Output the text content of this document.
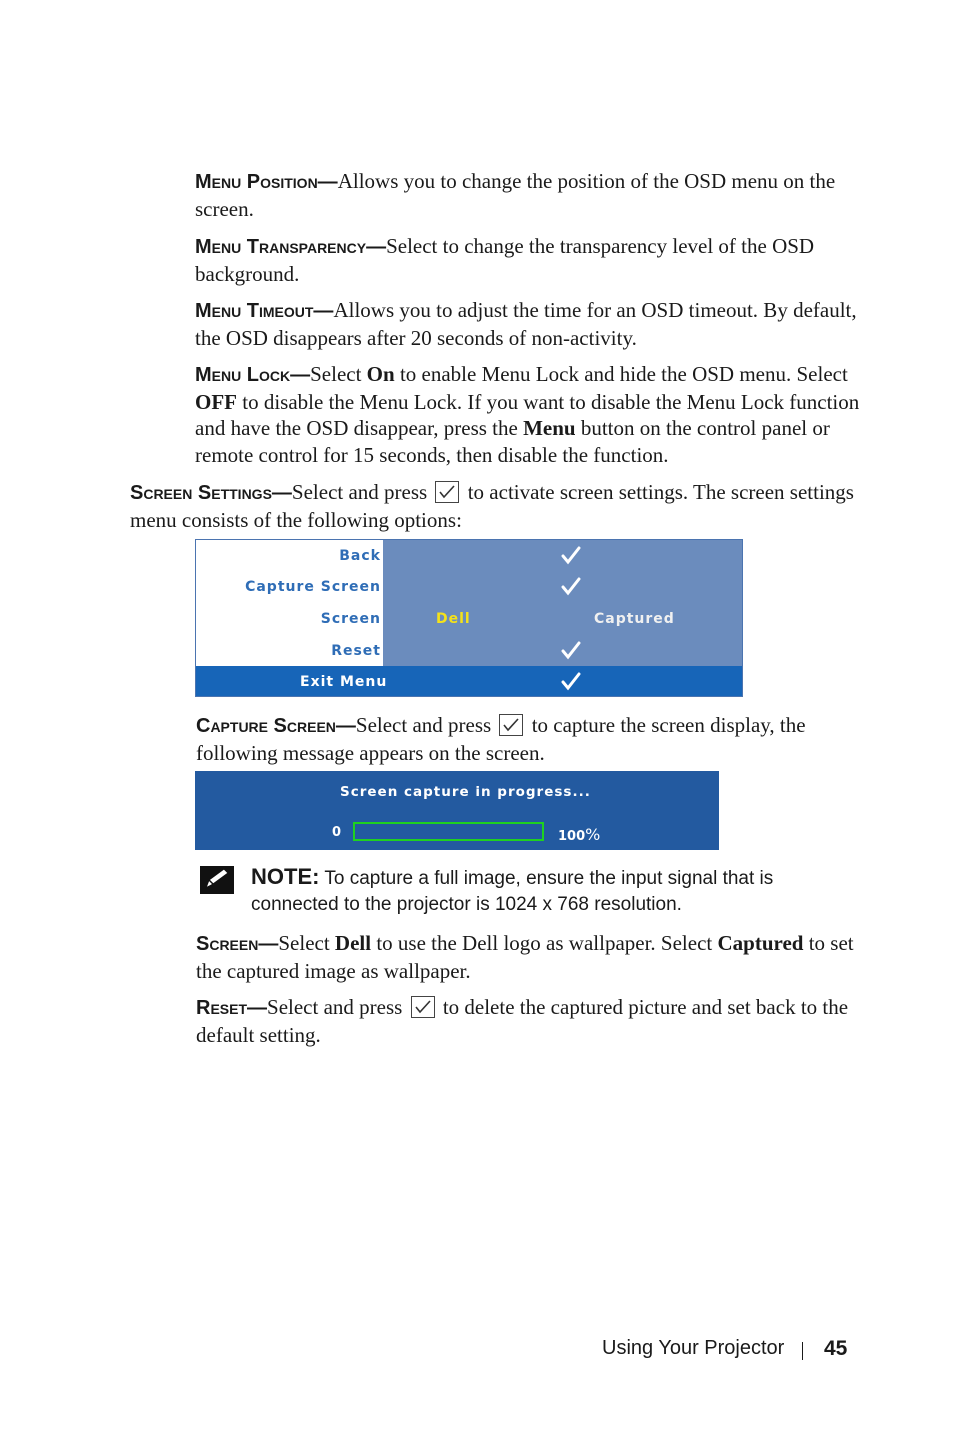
Menu Position—Allows you to change the position of the OSD menu on the screen.

Menu Transparency—Select to change the transparency level of the OSD background.

Menu Timeout—Allows you to adjust the time for an OSD timeout. By default, the OSD disappears after 20 seconds of non-activity.

Menu Lock—Select On to enable Menu Lock and hide the OSD menu. Select OFF to disable the Menu Lock. If you want to disable the Menu Lock function and have the OSD disappear, press the Menu button on the control panel or remote control for 15 seconds, then disable the function.

Screen Settings—Select and press to activate screen settings. The screen settings menu consists of the following options:

Back
Capture Screen
Screen
Reset
Dell	Captured
Exit Menu

Capture Screen—Select and press to capture the screen display, the following message appears on the screen.

Screen capture in progress...
0	100%

NOTE: To capture a full image, ensure the input signal that is connected to the projector is 1024 x 768 resolution.

Screen—Select Dell to use the Dell logo as wallpaper. Select Captured to set the captured image as wallpaper.

Reset—Select and press to delete the captured picture and set back to the default setting.

Using Your Projector 45
